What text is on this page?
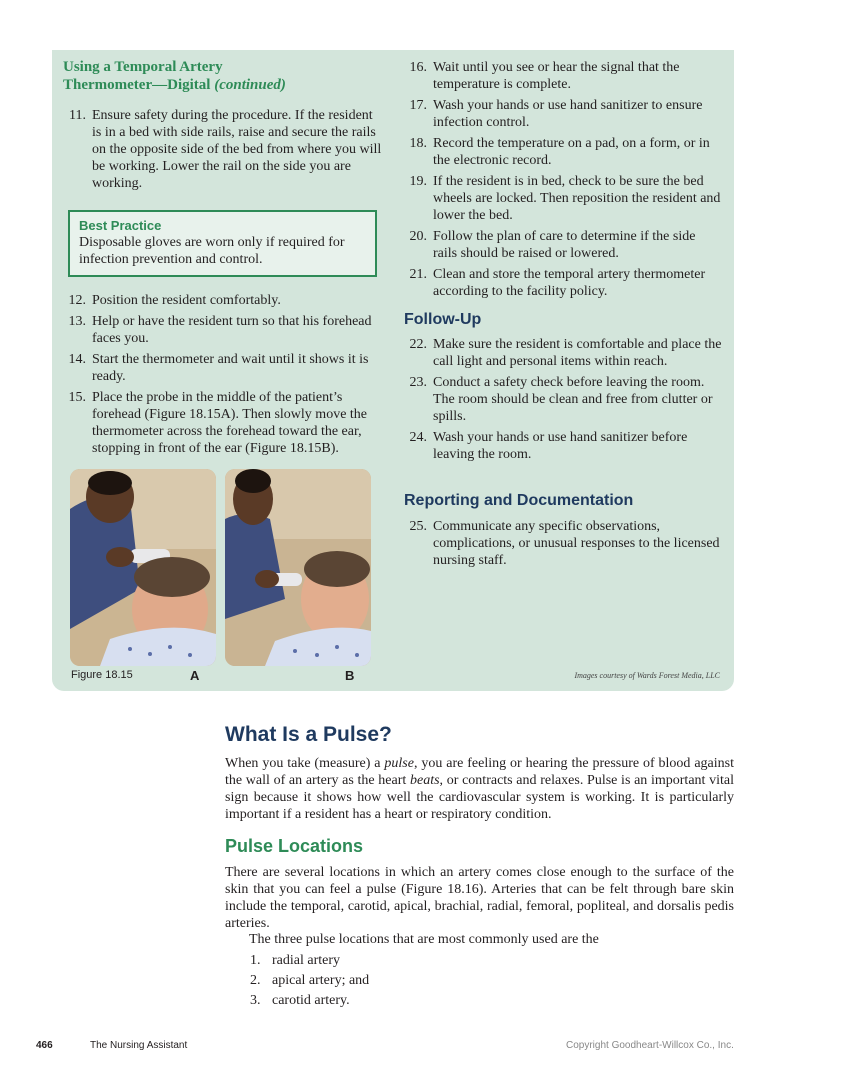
Using a Temporal Artery
Thermometer—Digital (continued)
11. Ensure safety during the procedure. If the resident is in a bed with side rails, raise and secure the rails on the opposite side of the bed from where you will be working. Lower the rail on the side you are working.
Best Practice
Disposable gloves are worn only if required for infection prevention and control.
12. Position the resident comfortably.
13. Help or have the resident turn so that his forehead faces you.
14. Start the thermometer and wait until it shows it is ready.
15. Place the probe in the middle of the patient’s forehead (Figure 18.15A). Then slowly move the thermometer across the forehead toward the ear, stopping in front of the ear (Figure 18.15B).
16. Wait until you see or hear the signal that the temperature is complete.
17. Wash your hands or use hand sanitizer to ensure infection control.
18. Record the temperature on a pad, on a form, or in the electronic record.
19. If the resident is in bed, check to be sure the bed wheels are locked. Then reposition the resident and lower the bed.
20. Follow the plan of care to determine if the side rails should be raised or lowered.
21. Clean and store the temporal artery thermometer according to the facility policy.
Follow-Up
22. Make sure the resident is comfortable and place the call light and personal items within reach.
23. Conduct a safety check before leaving the room. The room should be clean and free from clutter or spills.
24. Wash your hands or use hand sanitizer before leaving the room.
Reporting and Documentation
25. Communicate any specific observations, complications, or unusual responses to the licensed nursing staff.
Figure 18.15	A	B	Images courtesy of Wards Forest Media, LLC
What Is a Pulse?

When you take (measure) a pulse, you are feeling or hearing the pressure of blood against the wall of an artery as the heart beats, or contracts and relaxes. Pulse is an important vital sign because it shows how well the cardiovascular system is working. It is particularly important if a resident has a heart or respiratory condition.

Pulse Locations

There are several locations in which an artery comes close enough to the surface of the skin that you can feel a pulse (Figure 18.16). Arteries that can be felt through bare skin include the temporal, carotid, apical, brachial, radial, femoral, popliteal, and dorsalis pedis arteries.

The three pulse locations that are most commonly used are the

1. radial artery
2. apical artery; and
3. carotid artery.
466	The Nursing Assistant	Copyright Goodheart-Willcox Co., Inc.
